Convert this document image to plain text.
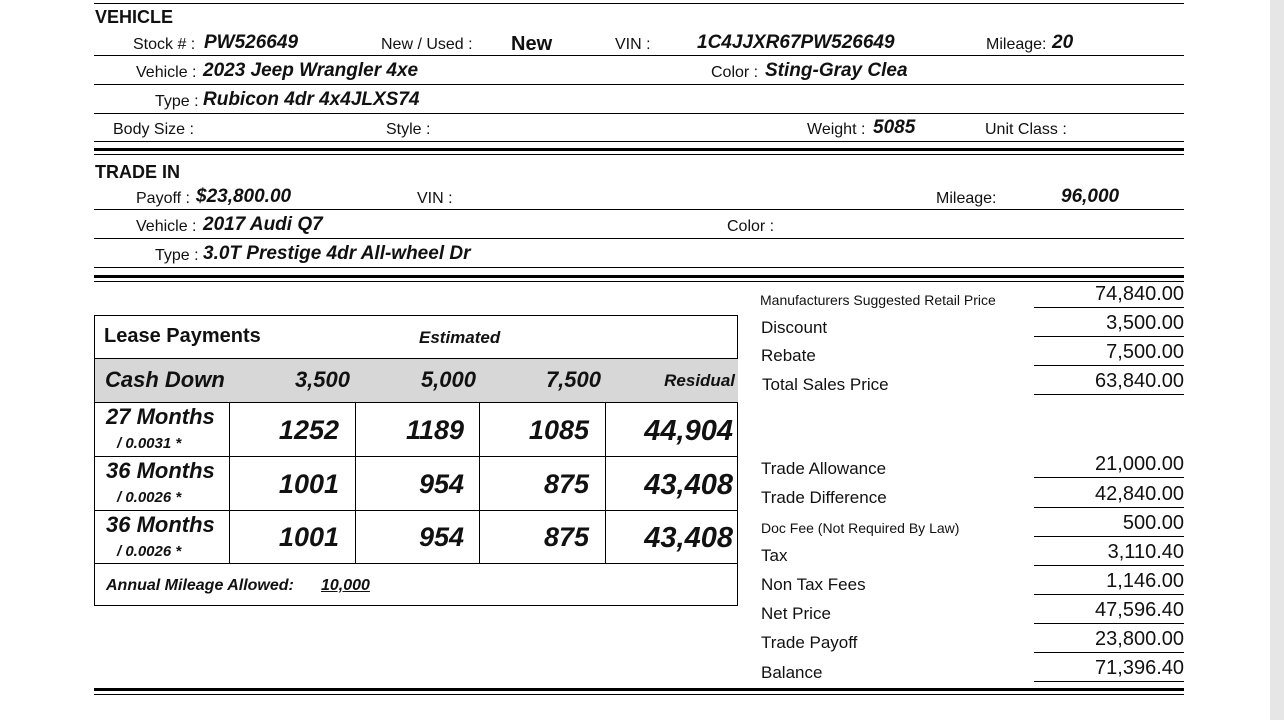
VEHICLE
Stock # : PW526649	New / Used : New	VIN : 1C4JJXR67PW526649	Mileage: 20
Vehicle : 2023 Jeep Wrangler 4xe	Color : Sting-Gray Clea
Type : Rubicon 4dr 4x4JLXS74
Body Size :	Style :	Weight : 5085	Unit Class :
TRADE IN
Payoff : $23,800.00	VIN :	Mileage:	96,000
Vehicle : 2017 Audi Q7	Color :
Type : 3.0T Prestige 4dr All-wheel Dr
Lease Payments	Estimated
Cash Down	3,500	5,000	7,500	Residual
27 Months
/ 0.0031 *	1252	1189	1085	44,904
36 Months
/ 0.0026 *	1001	954	875	43,408
36 Months
/ 0.0026 *	1001	954	875	43,408
Annual Mileage Allowed: 10,000
Manufacturers Suggested Retail Price	74,840.00
Discount	3,500.00
Rebate	7,500.00
Total Sales Price	63,840.00
Trade Allowance	21,000.00
Trade Difference	42,840.00
Doc Fee (Not Required By Law)	500.00
Tax	3,110.40
Non Tax Fees	1,146.00
Net Price	47,596.40
Trade Payoff	23,800.00
Balance	71,396.40
